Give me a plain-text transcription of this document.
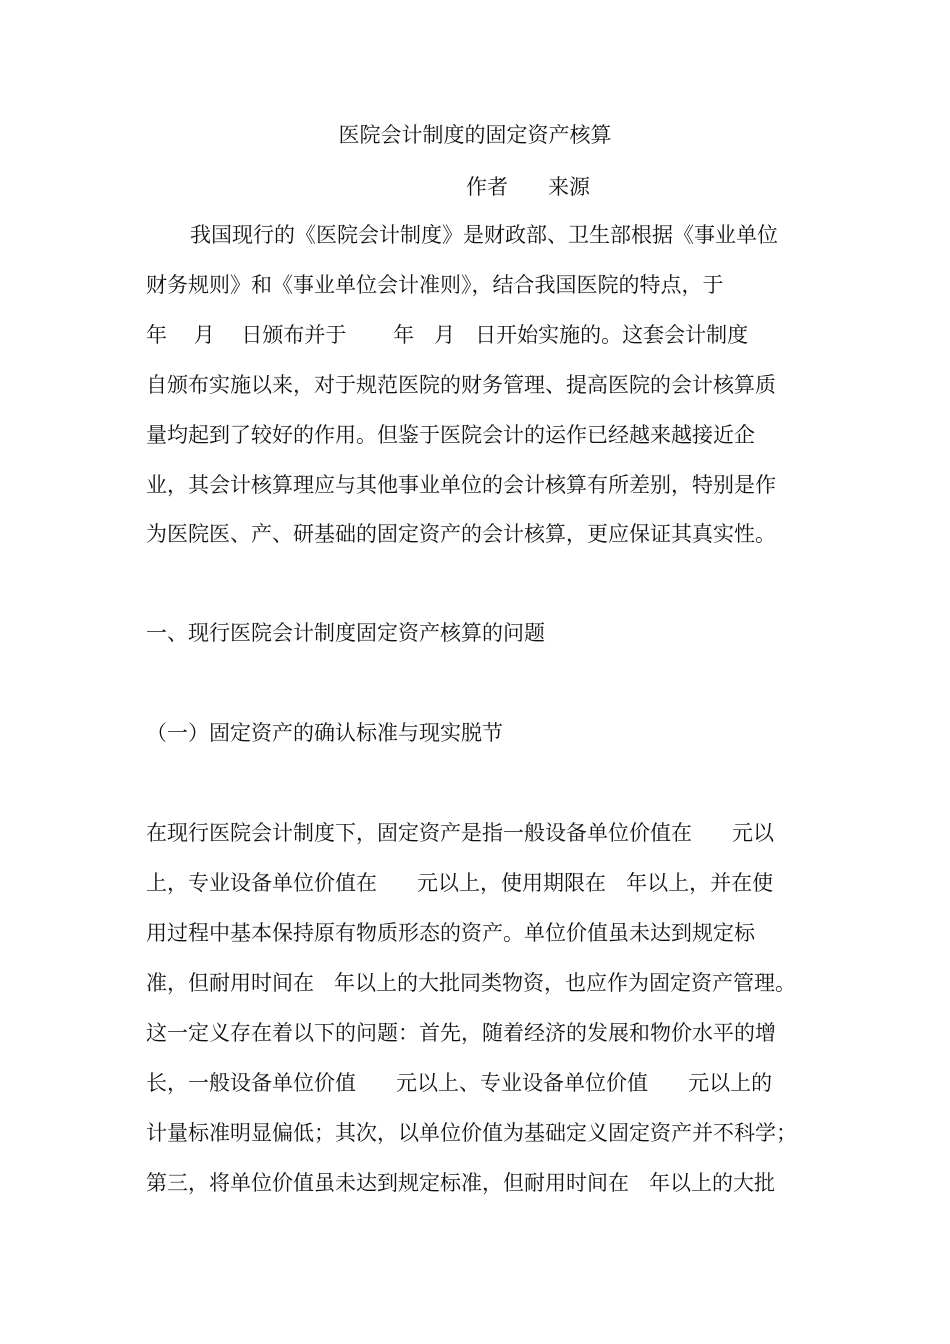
医院会计制度的固定资产核算

作者      来源

我国现行的《医院会计制度》是财政部、卫生部根据《事业单位

财务规则》和《事业单位会计准则》，结合我国医院的特点，于

年    月    日颁布并于       年   月   日开始实施的。这套会计制度

自颁布实施以来，对于规范医院的财务管理、提高医院的会计核算质

量均起到了较好的作用。但鉴于医院会计的运作已经越来越接近企

业，其会计核算理应与其他事业单位的会计核算有所差别，特别是作

为医院医、产、研基础的固定资产的会计核算，更应保证其真实性。

一、现行医院会计制度固定资产核算的问题

（一）固定资产的确认标准与现实脱节

在现行医院会计制度下，固定资产是指一般设备单位价值在      元以

上，专业设备单位价值在      元以上，使用期限在   年以上，并在使

用过程中基本保持原有物质形态的资产。单位价值虽未达到规定标

准，但耐用时间在   年以上的大批同类物资，也应作为固定资产管理。

这一定义存在着以下的问题：首先，随着经济的发展和物价水平的增

长，一般设备单位价值      元以上、专业设备单位价值      元以上的

计量标准明显偏低；其次，以单位价值为基础定义固定资产并不科学；

第三，将单位价值虽未达到规定标准，但耐用时间在   年以上的大批
